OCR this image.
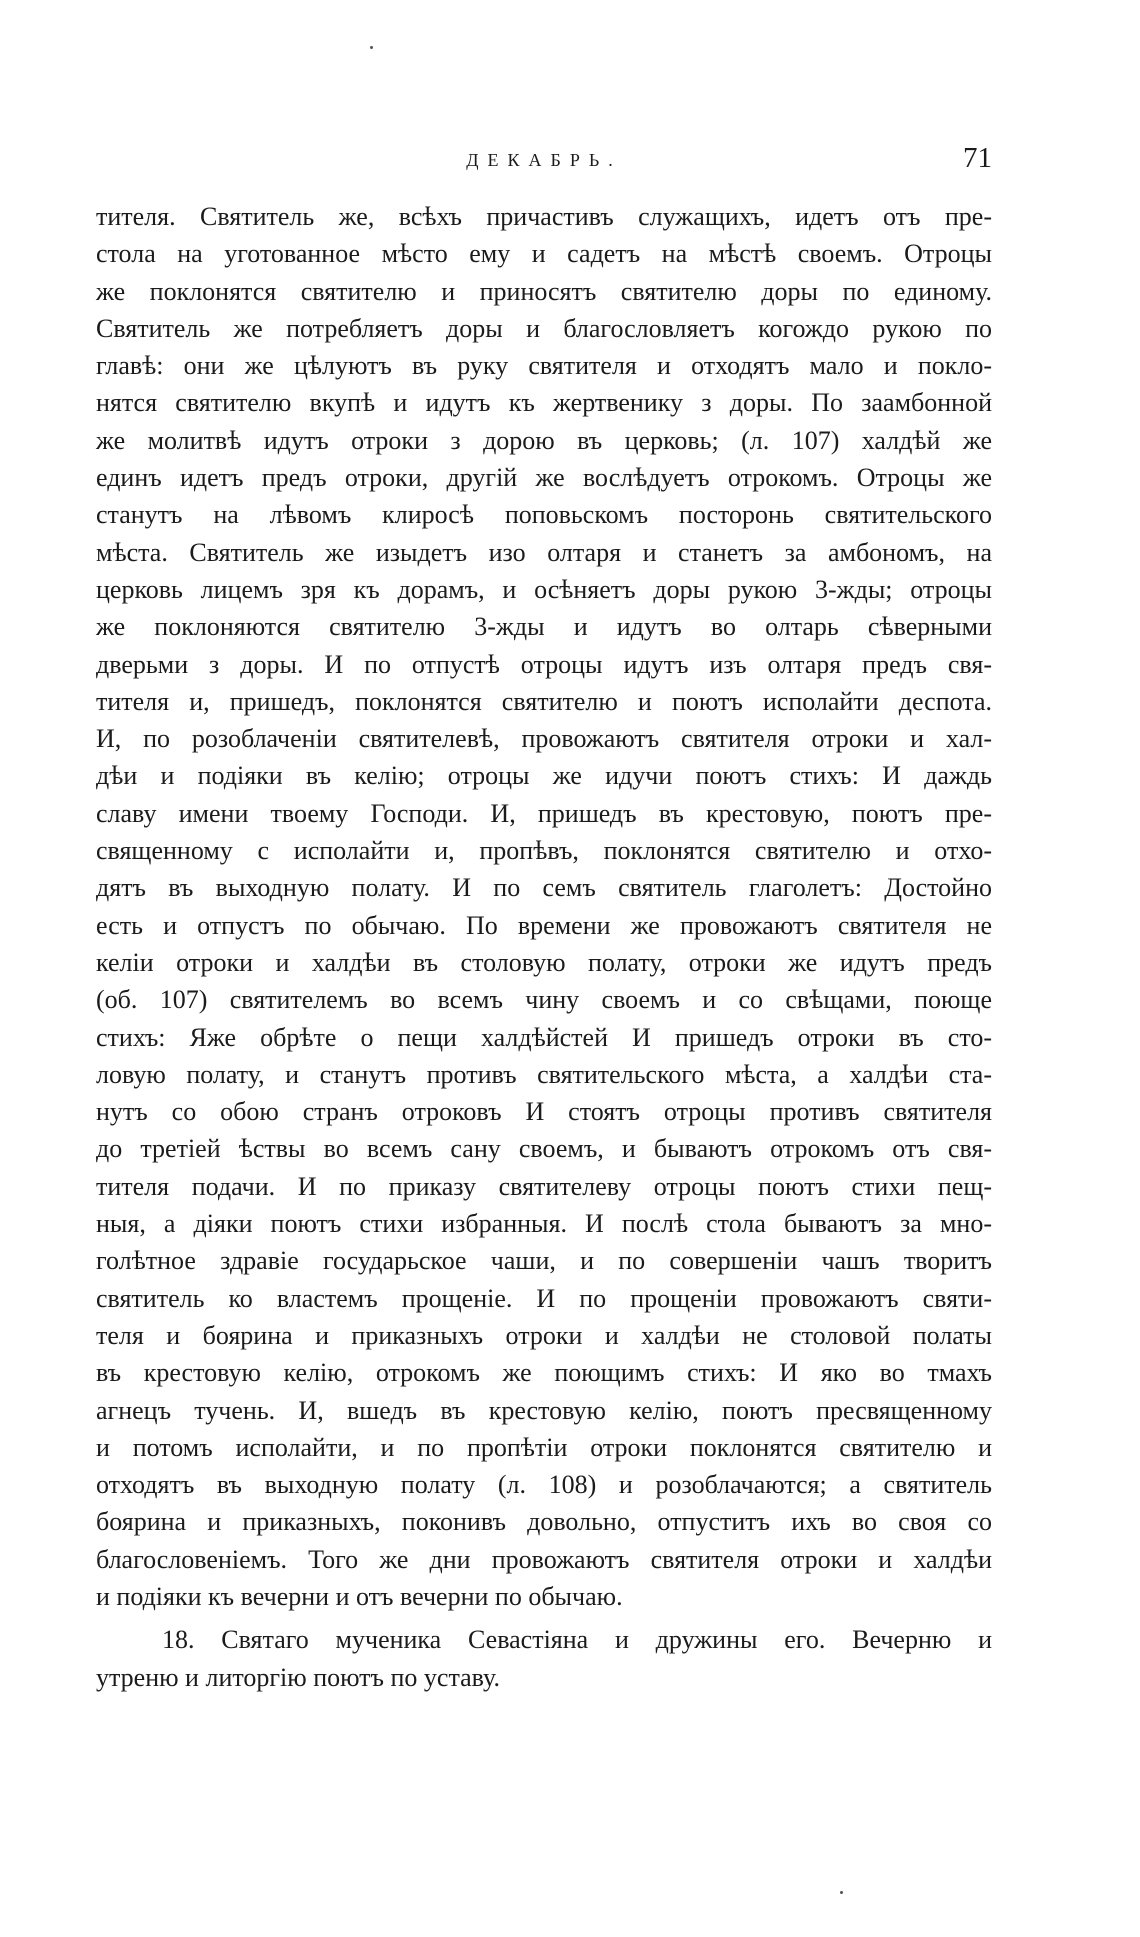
ДЕКАБРЬ.	71
тителя. Святитель же, всѣхъ причастивъ служащихъ, идетъ отъ пре-
стола на уготованное мѣсто ему и садетъ на мѣстѣ своемъ. Отроцы
же поклонятся святителю и приносятъ святителю доры по единому.
Святитель же потребляетъ доры и благословляетъ когождо рукою по
главѣ: они же цѣлуютъ въ руку святителя и отходятъ мало и покло-
нятся святителю вкупѣ и идутъ къ жертвенику з доры. По заамбонной
же молитвѣ идутъ отроки з дорою въ церковь; (л. 107) халдѣй же
единъ идетъ предъ отроки, другій же вослѣдуетъ отрокомъ. Отроцы же
станутъ на лѣвомъ клиросѣ поповьскомъ посторонь святительского
мѣста. Святитель же изыдетъ изо олтаря и станетъ за амбономъ, на
церковь лицемъ зря къ дорамъ, и осѣняетъ доры рукою 3-жды; отроцы
же поклоняются святителю 3-жды и идутъ во олтарь сѣверными
дверьми з доры. И по отпустѣ отроцы идутъ изъ олтаря предъ свя-
тителя и, пришедъ, поклонятся святителю и поютъ исполайти деспота.
И, по розоблаченіи святителевѣ, провожаютъ святителя отроки и хал-
дѣи и подіяки въ келію; отроцы же идучи поютъ стихъ: И даждь
славу имени твоему Господи. И, пришедъ въ крестовую, поютъ пре-
священному с исполайти и, пропѣвъ, поклонятся святителю и отхо-
дятъ въ выходную полату. И по семъ святитель глаголетъ: Достойно
есть и отпустъ по обычаю. По времени же провожаютъ святителя не
келіи отроки и халдѣи въ столовую полату, отроки же идутъ предъ
(об. 107) святителемъ во всемъ чину своемъ и со свѣщами, поюще
стихъ: Яже обрѣте о пещи халдѣйстей И пришедъ отроки въ сто-
ловую полату, и станутъ противъ святительского мѣста, а халдѣи ста-
нутъ со обою странъ отроковъ И стоятъ отроцы противъ святителя
до третіей ѣствы во всемъ сану своемъ, и бываютъ отрокомъ отъ свя-
тителя подачи. И по приказу святителеву отроцы поютъ стихи пещ-
ныя, а діяки поютъ стихи избранныя. И послѣ стола бываютъ за мно-
голѣтное здравіе государьское чаши, и по совершеніи чашъ творитъ
святитель ко властемъ прощеніе. И по прощеніи провожаютъ святи-
теля и боярина и приказныхъ отроки и халдѣи не столовой полаты
въ крестовую келію, отрокомъ же поющимъ стихъ: И яко во тмахъ
агнецъ тучень. И, вшедъ въ крестовую келію, поютъ пресвященному
и потомъ исполайти, и по пропѣтіи отроки поклонятся святителю и
отходятъ въ выходную полату (л. 108) и розоблачаются; а святитель
боярина и приказныхъ, поконивъ довольно, отпуститъ ихъ во своя со
благословеніемъ. Того же дни провожаютъ святителя отроки и халдѣи
и подіяки къ вечерни и отъ вечерни по обычаю.
18. Святаго мученика Севастіяна и дружины его. Вечерню и
утреню и литоргію поютъ по уставу.
